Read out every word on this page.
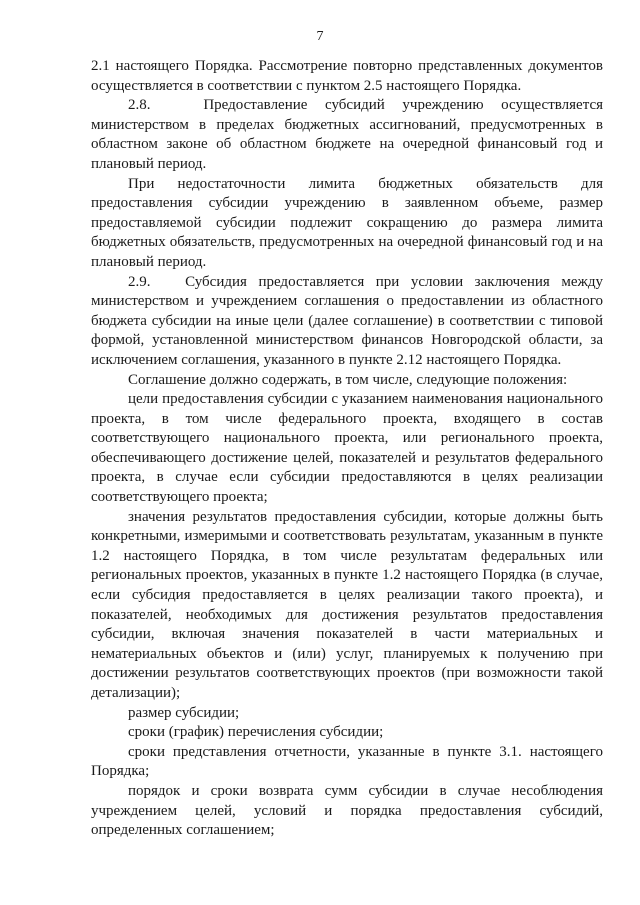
7

2.1 настоящего Порядка. Рассмотрение повторно представленных документов осуществляется в соответствии с пунктом 2.5 настоящего Порядка.

2.8.   Предоставление субсидий учреждению осуществляется министерством в пределах бюджетных ассигнований, предусмотренных в областном законе об областном бюджете на очередной финансовый год и плановый период.

При недостаточности лимита бюджетных обязательств для предоставления субсидии учреждению в заявленном объеме, размер предоставляемой субсидии подлежит сокращению до размера лимита бюджетных обязательств, предусмотренных на очередной финансовый год и на плановый период.

2.9.   Субсидия предоставляется при условии заключения между министерством и учреждением соглашения о предоставлении из областного бюджета субсидии на иные цели (далее соглашение) в соответствии с типовой формой, установленной министерством финансов Новгородской области, за исключением соглашения, указанного в пункте 2.12 настоящего Порядка.

Соглашение должно содержать, в том числе, следующие положения:

цели предоставления субсидии с указанием наименования национального проекта, в том числе федерального проекта, входящего в состав соответствующего национального проекта, или регионального проекта, обеспечивающего достижение целей, показателей и результатов федерального проекта, в случае если субсидии предоставляются в целях реализации соответствующего проекта;

значения результатов предоставления субсидии, которые должны быть конкретными, измеримыми и соответствовать результатам, указанным в пункте 1.2 настоящего Порядка, в том числе результатам федеральных или региональных проектов, указанных в пункте 1.2 настоящего Порядка (в случае, если субсидия предоставляется в целях реализации такого проекта), и показателей, необходимых для достижения результатов предоставления субсидии, включая значения показателей в части материальных и нематериальных объектов и (или) услуг, планируемых к получению при достижении результатов соответствующих проектов (при возможности такой детализации);

размер субсидии;

сроки (график) перечисления субсидии;

сроки представления отчетности, указанные в пункте 3.1. настоящего Порядка;

порядок и сроки возврата сумм субсидии в случае несоблюдения учреждением целей, условий и порядка предоставления субсидий, определенных соглашением;
